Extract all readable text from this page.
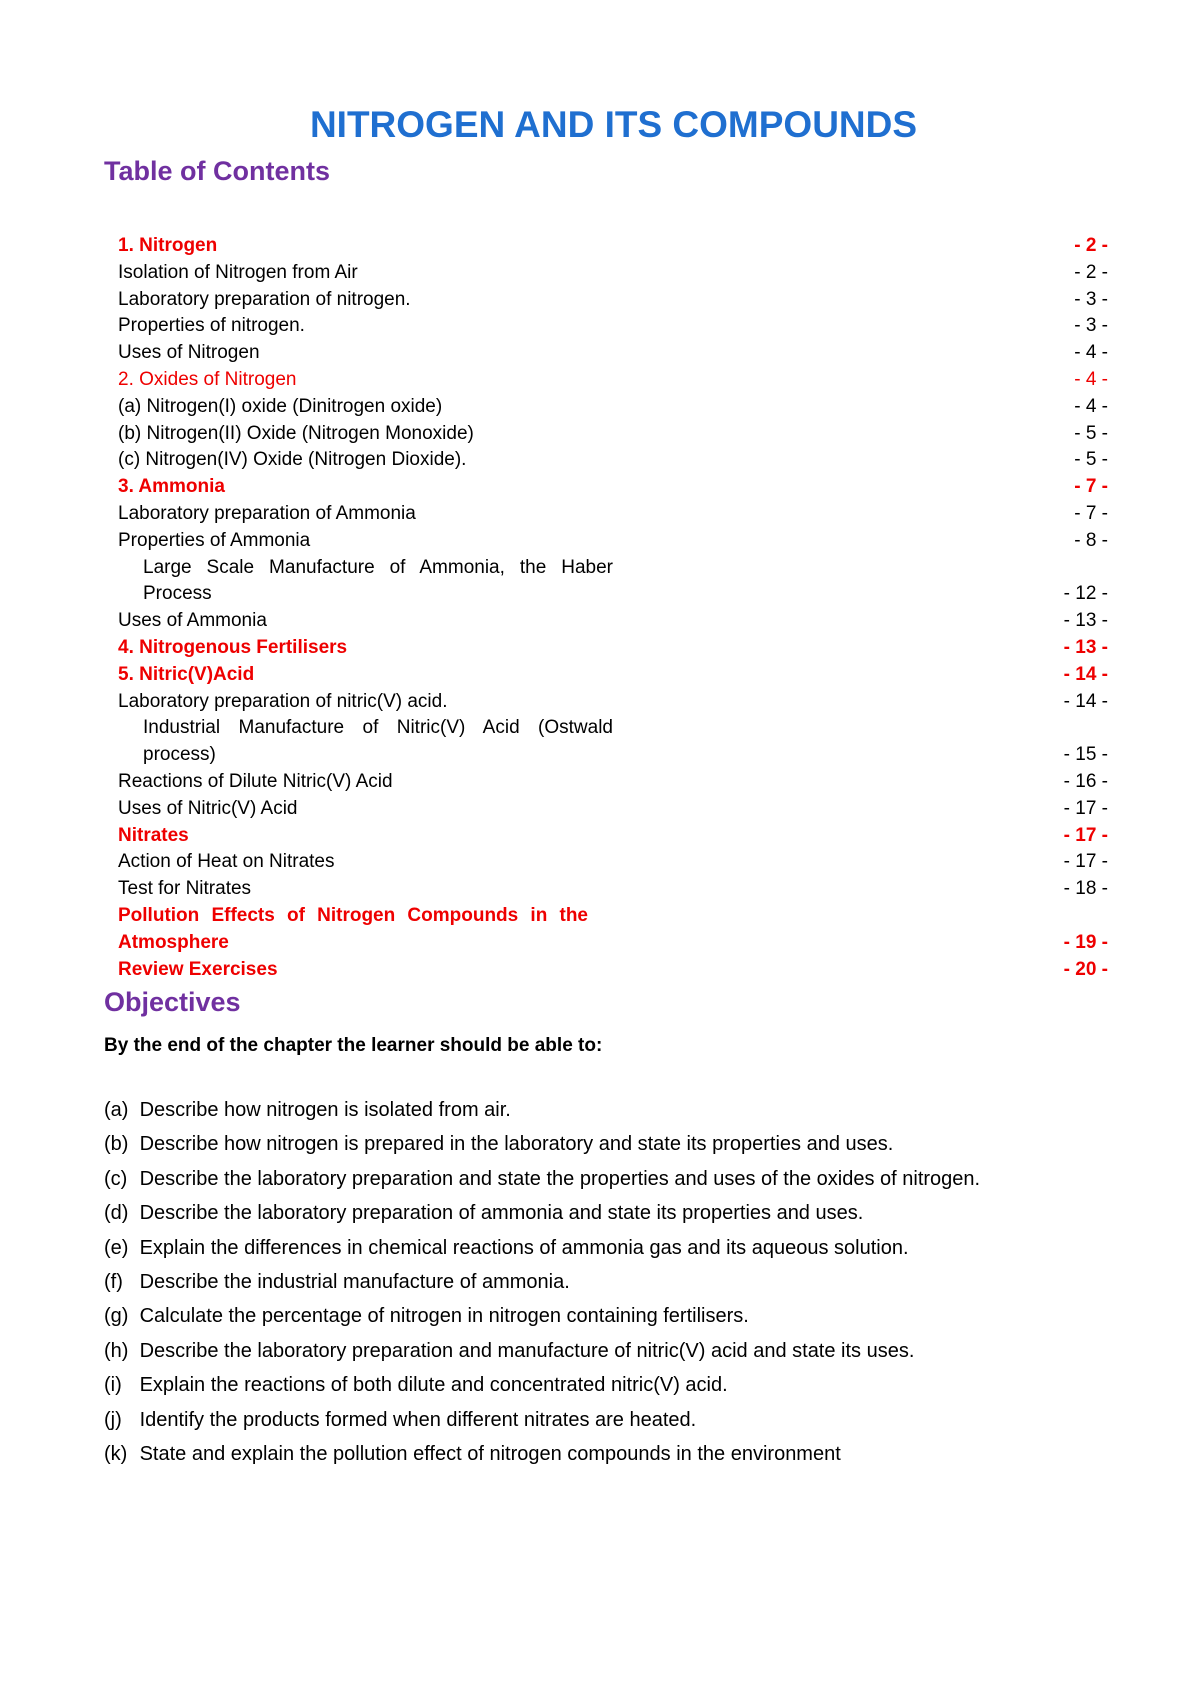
NITROGEN AND ITS COMPOUNDS
Table of Contents
1. Nitrogen	- 2 -
Isolation of Nitrogen from Air	- 2 -
Laboratory preparation of nitrogen.	- 3 -
Properties of nitrogen.	- 3 -
Uses of Nitrogen	- 4 -
2. Oxides of Nitrogen	- 4 -
(a) Nitrogen(I) oxide (Dinitrogen oxide)	- 4 -
(b) Nitrogen(II) Oxide (Nitrogen Monoxide)	- 5 -
(c) Nitrogen(IV) Oxide (Nitrogen Dioxide).	- 5 -
3. Ammonia	- 7 -
Laboratory preparation of Ammonia	- 7 -
Properties of Ammonia	- 8 -
Large Scale Manufacture of Ammonia, the Haber Process	- 12 -
Uses of Ammonia	- 13 -
4. Nitrogenous Fertilisers	- 13 -
5. Nitric(V)Acid	- 14 -
Laboratory preparation of nitric(V) acid.	- 14 -
Industrial Manufacture of Nitric(V) Acid (Ostwald process)	- 15 -
Reactions of Dilute Nitric(V) Acid	- 16 -
Uses of Nitric(V) Acid	- 17 -
Nitrates	- 17 -
Action of Heat on Nitrates	- 17 -
Test for Nitrates	- 18 -
Pollution Effects of Nitrogen Compounds in the Atmosphere	- 19 -
Review Exercises	- 20 -
Objectives

By the end of the chapter the learner should be able to:

(a) Describe how nitrogen is isolated from air.
(b) Describe how nitrogen is prepared in the laboratory and state its properties and uses.
(c) Describe the laboratory preparation and state the properties and uses of the oxides of nitrogen.
(d) Describe the laboratory preparation of ammonia and state its properties and uses.
(e) Explain the differences in chemical reactions of ammonia gas and its aqueous solution.
(f) Describe the industrial manufacture of ammonia.
(g) Calculate the percentage of nitrogen in nitrogen containing fertilisers.
(h) Describe the laboratory preparation and manufacture of nitric(V) acid and state its uses.
(i) Explain the reactions of both dilute and concentrated nitric(V) acid.
(j) Identify the products formed when different nitrates are heated.
(k) State and explain the pollution effect of nitrogen compounds in the environment
